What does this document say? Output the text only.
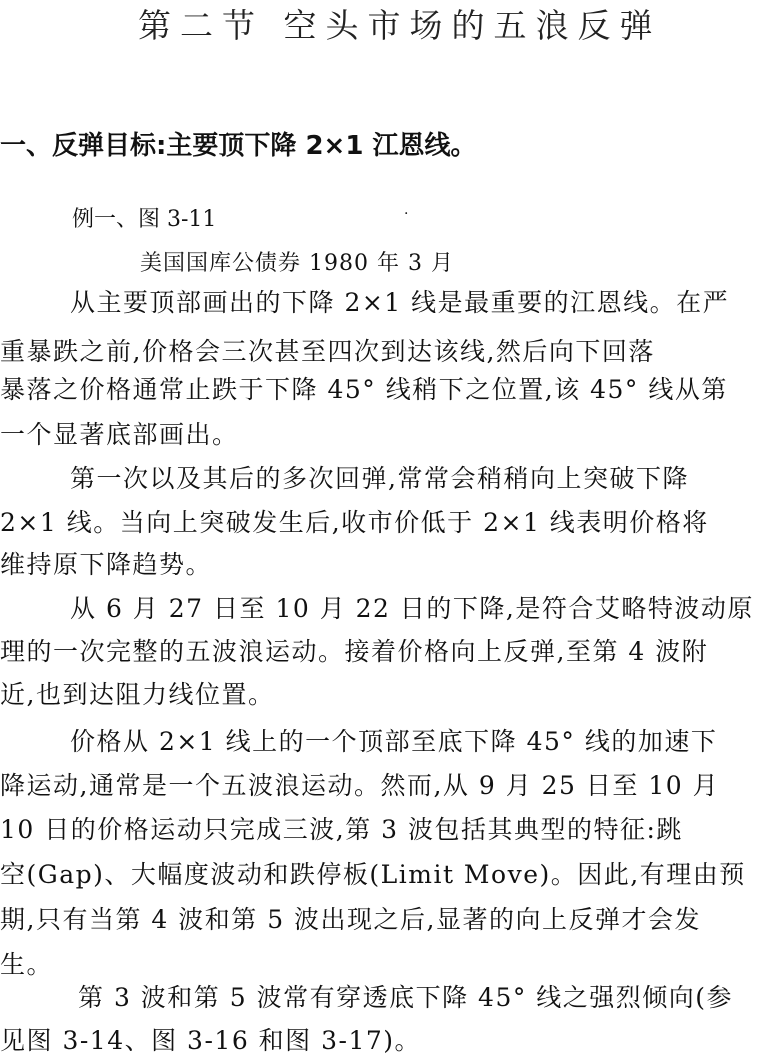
第二节 空头市场的五浪反弹
一、反弹目标:主要顶下降 2×1 江恩线。
例一、图 3-11	·
美国国库公债券 1980 年 3 月
从主要顶部画出的下降 2×1 线是最重要的江恩线。在严
重暴跌之前,价格会三次甚至四次到达该线,然后向下回落
暴落之价格通常止跌于下降 45° 线稍下之位置,该 45° 线从第
一个显著底部画出。
第一次以及其后的多次回弹,常常会稍稍向上突破下降
2×1 线。当向上突破发生后,收市价低于 2×1 线表明价格将
维持原下降趋势。
从 6 月 27 日至 10 月 22 日的下降,是符合艾略特波动原
理的一次完整的五波浪运动。接着价格向上反弹,至第 4 波附
近,也到达阻力线位置。
价格从 2×1 线上的一个顶部至底下降 45° 线的加速下
降运动,通常是一个五波浪运动。然而,从 9 月 25 日至 10 月
10 日的价格运动只完成三波,第 3 波包括其典型的特征:跳
空(Gap)、大幅度波动和跌停板(Limit Move)。因此,有理由预
期,只有当第 4 波和第 5 波出现之后,显著的向上反弹才会发
生。
第 3 波和第 5 波常有穿透底下降 45° 线之强烈倾向(参
见图 3-14、图 3-16 和图 3-17)。
